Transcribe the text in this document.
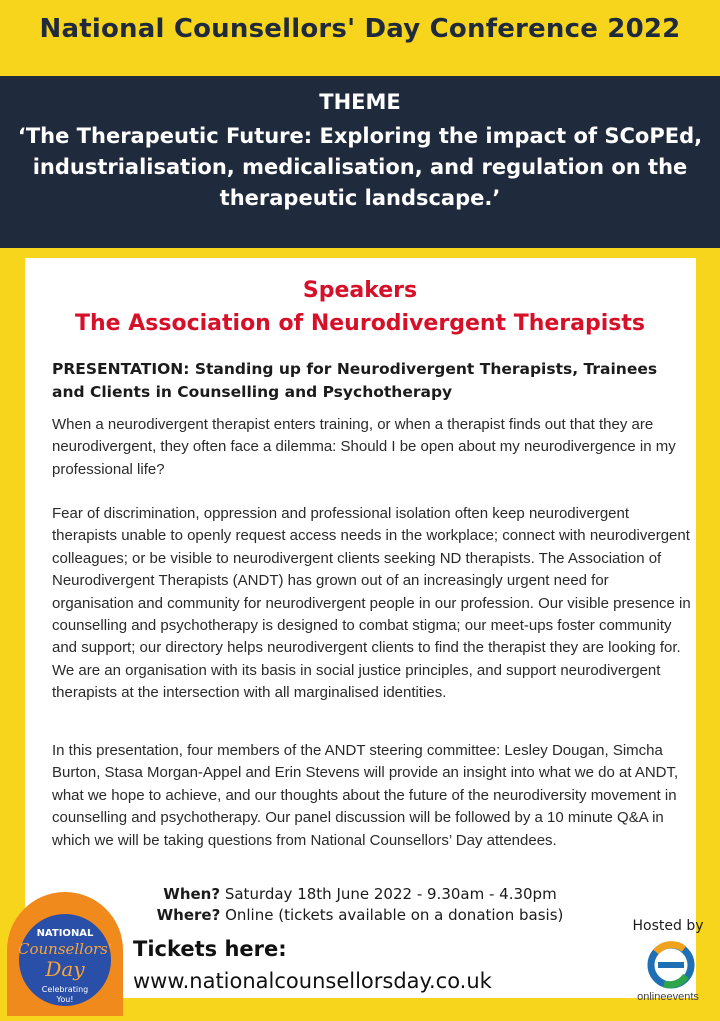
National Counsellors' Day Conference 2022
THEME
‘The Therapeutic Future: Exploring the impact of SCoPEd, industrialisation, medicalisation, and regulation on the therapeutic landscape.’
Speakers
The Association of Neurodivergent Therapists
PRESENTATION: Standing up for Neurodivergent Therapists, Trainees and Clients in Counselling and Psychotherapy
When a neurodivergent therapist enters training, or when a therapist finds out that they are neurodivergent, they often face a dilemma: Should I be open about my neurodivergence in my professional life?
Fear of discrimination, oppression and professional isolation often keep neurodivergent therapists unable to openly request access needs in the workplace; connect with neurodivergent colleagues; or be visible to neurodivergent clients seeking ND therapists. The Association of Neurodivergent Therapists (ANDT) has grown out of an increasingly urgent need for organisation and community for neurodivergent people in our profession. Our visible presence in counselling and psychotherapy is designed to combat stigma; our meet-ups foster community and support; our directory helps neurodivergent clients to find the therapist they are looking for. We are an organisation with its basis in social justice principles, and support neurodivergent therapists at the intersection with all marginalised identities.
In this presentation, four members of the ANDT steering committee: Lesley Dougan, Simcha Burton, Stasa Morgan-Appel and Erin Stevens will provide an insight into what we do at ANDT, what we hope to achieve, and our thoughts about the future of the neurodiversity movement in counselling and psychotherapy. Our panel discussion will be followed by a 10 minute Q&A in which we will be taking questions from National Counsellors’ Day attendees.
When? Saturday 18th June 2022 - 9.30am - 4.30pm
Where? Online (tickets available on a donation basis)
NATIONAL
Counsellors'
Day
Celebrating
You!
Tickets here:
www.nationalcounsellorsday.co.uk
Hosted by
onlineevents
